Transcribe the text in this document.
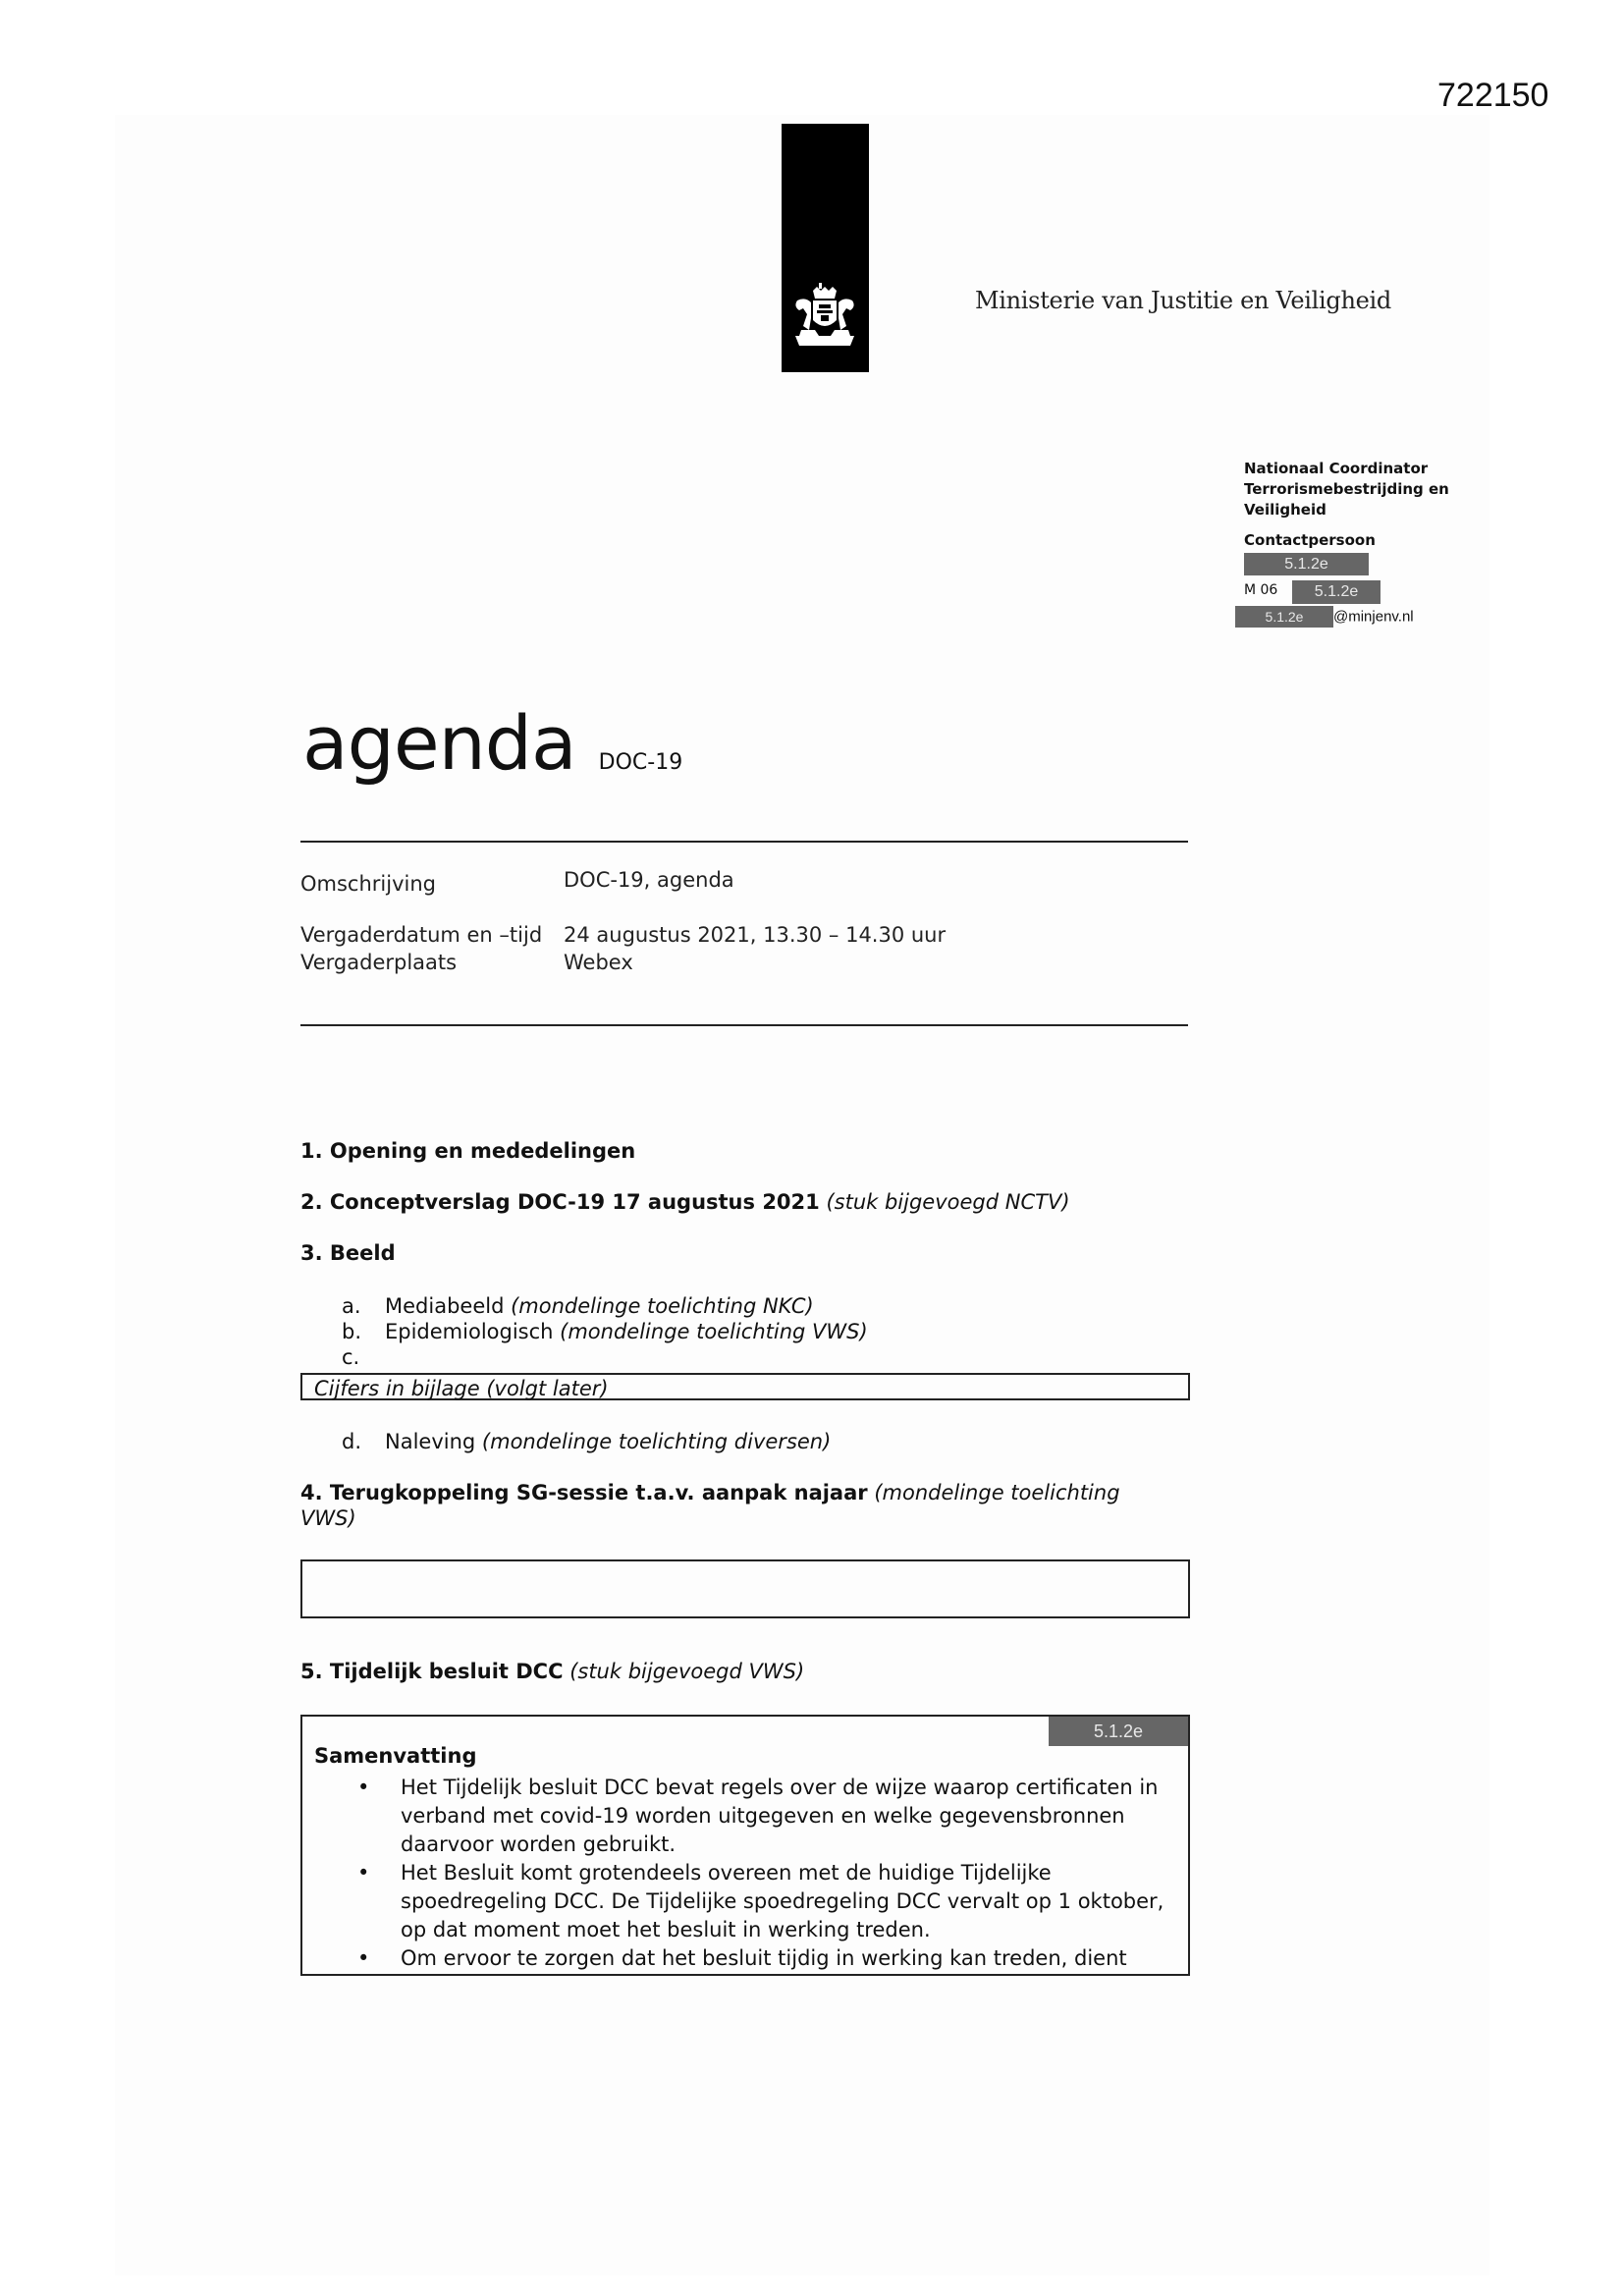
722150
Ministerie van Justitie en Veiligheid
Nationaal Coordinator
Terrorismebestrijding en
Veiligheid
Contactpersoon
5.1.2e
M 06	5.1.2e
5.1.2e @minjenv.nl
agenda DOC-19
Omschrijving	DOC-19, agenda
Vergaderdatum en –tijd 24 augustus 2021, 13.30 – 14.30 uur
Vergaderplaats	Webex
1. Opening en mededelingen
2. Conceptverslag DOC-19 17 augustus 2021 (stuk bijgevoegd NCTV)
3. Beeld
a. Mediabeeld (mondelinge toelichting NKC)
b. Epidemiologisch (mondelinge toelichting VWS)
c.
Cijfers in bijlage (volgt later)
d. Naleving (mondelinge toelichting diversen)
4. Terugkoppeling SG-sessie t.a.v. aanpak najaar (mondelinge toelichting
VWS)
5. Tijdelijk besluit DCC (stuk bijgevoegd VWS)
5.1.2e
Samenvatting
• Het Tijdelijk besluit DCC bevat regels over de wijze waarop certificaten in verband met covid-19 worden uitgegeven en welke gegevensbronnen daarvoor worden gebruikt.
• Het Besluit komt grotendeels overeen met de huidige Tijdelijke spoedregeling DCC. De Tijdelijke spoedregeling DCC vervalt op 1 oktober, op dat moment moet het besluit in werking treden.
• Om ervoor te zorgen dat het besluit tijdig in werking kan treden, dient
